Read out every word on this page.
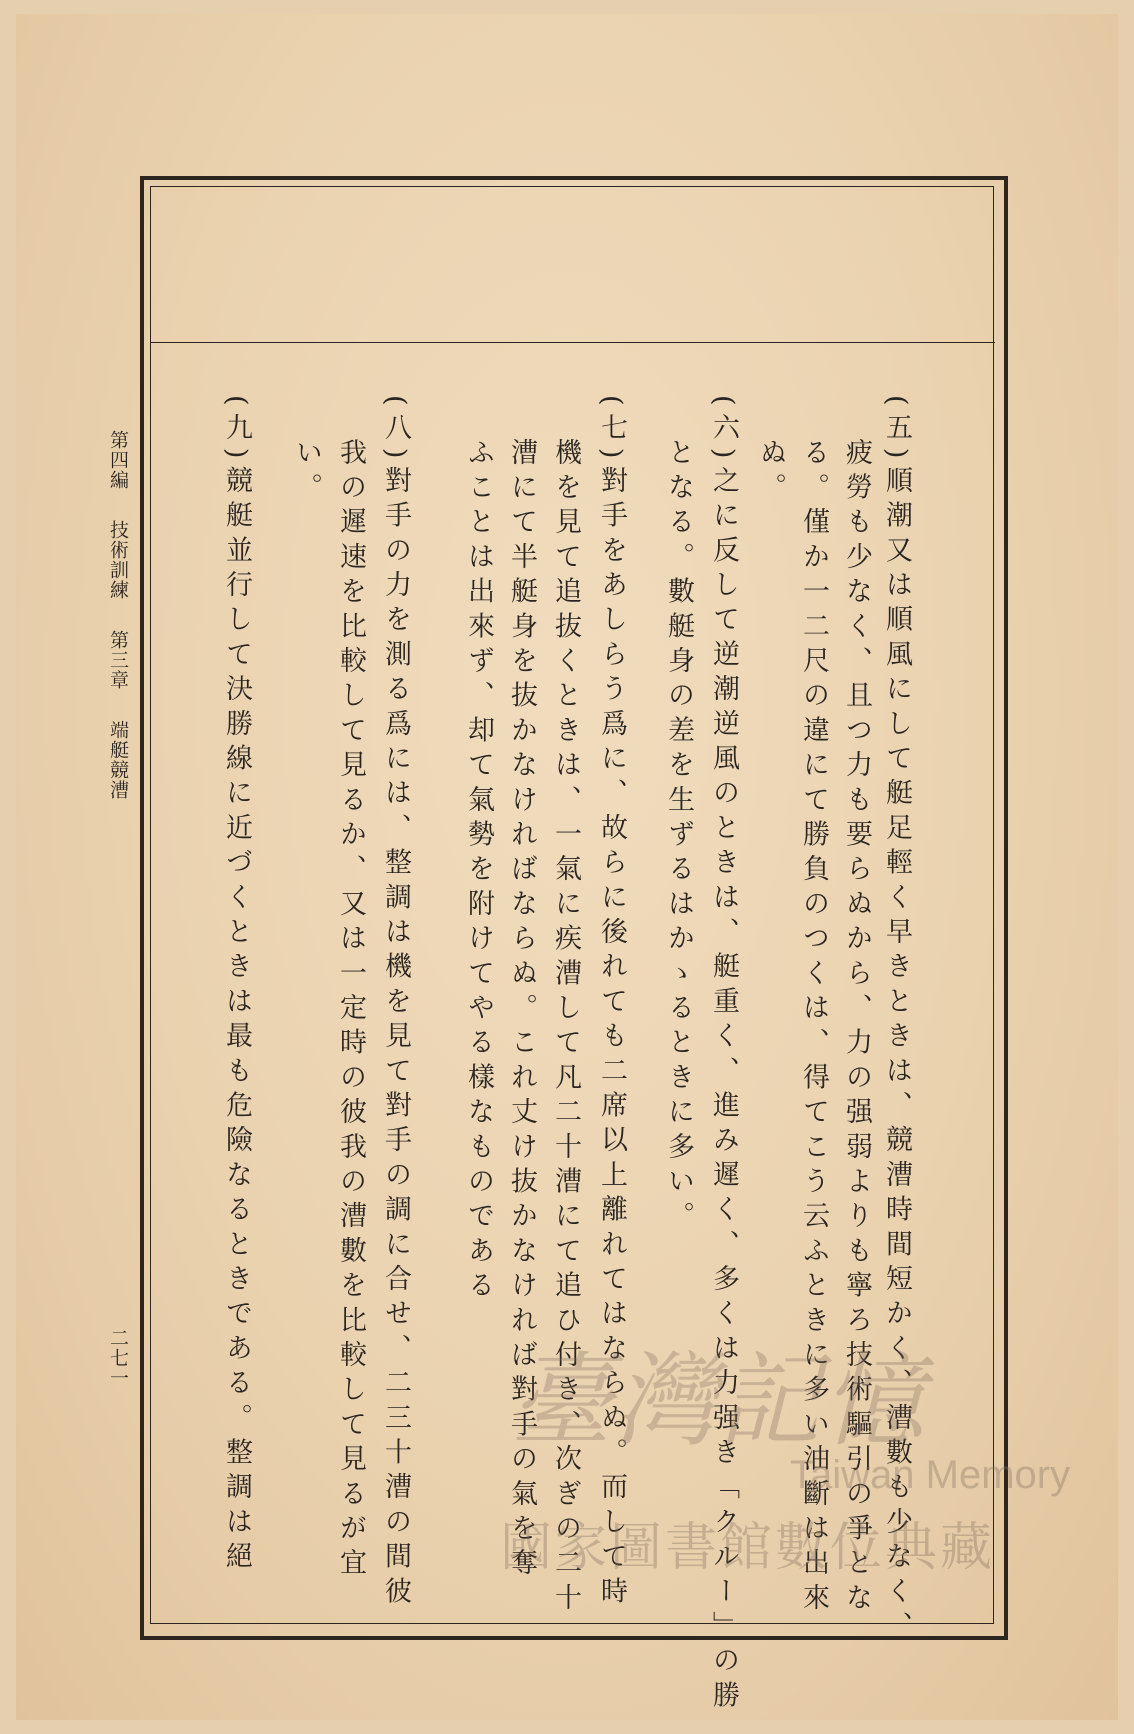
(五)順潮又は順風にして艇足輕く早きときは、競漕時間短かく、漕數も少なく、
疲勞も少なく、且つ力も要らぬから、力の强弱よりも寧ろ技術驅引の爭とな
る。僅か一二尺の違にて勝負のつくは、得てこう云ふときに多い油斷は出來
ぬ。
(六)之に反して逆潮逆風のときは、艇重く、進み遲く、多くは力强き「クルー」の勝
となる。數艇身の差を生ずるはかゝるときに多い。
(七)對手をあしらう爲に、故らに後れても二席以上離れてはならぬ。而して時
機を見て追抜くときは、一氣に疾漕して凡二十漕にて追ひ付き、次ぎの二十
漕にて半艇身を抜かなければならぬ。これ丈け抜かなければ對手の氣を奪
ふことは出來ず、却て氣勢を附けてやる樣なものである
(八)對手の力を測る爲には、整調は機を見て對手の調に合せ、二三十漕の間彼
我の遲速を比較して見るか、又は一定時の彼我の漕數を比較して見るが宜
い。
(九)競艇並行して決勝線に近づくときは最も危險なるときである。整調は絕
第四編  技術訓練  第三章  端艇競漕
二七一	臺灣記憶
Taiwan Memory
國家圖書館數位典藏
